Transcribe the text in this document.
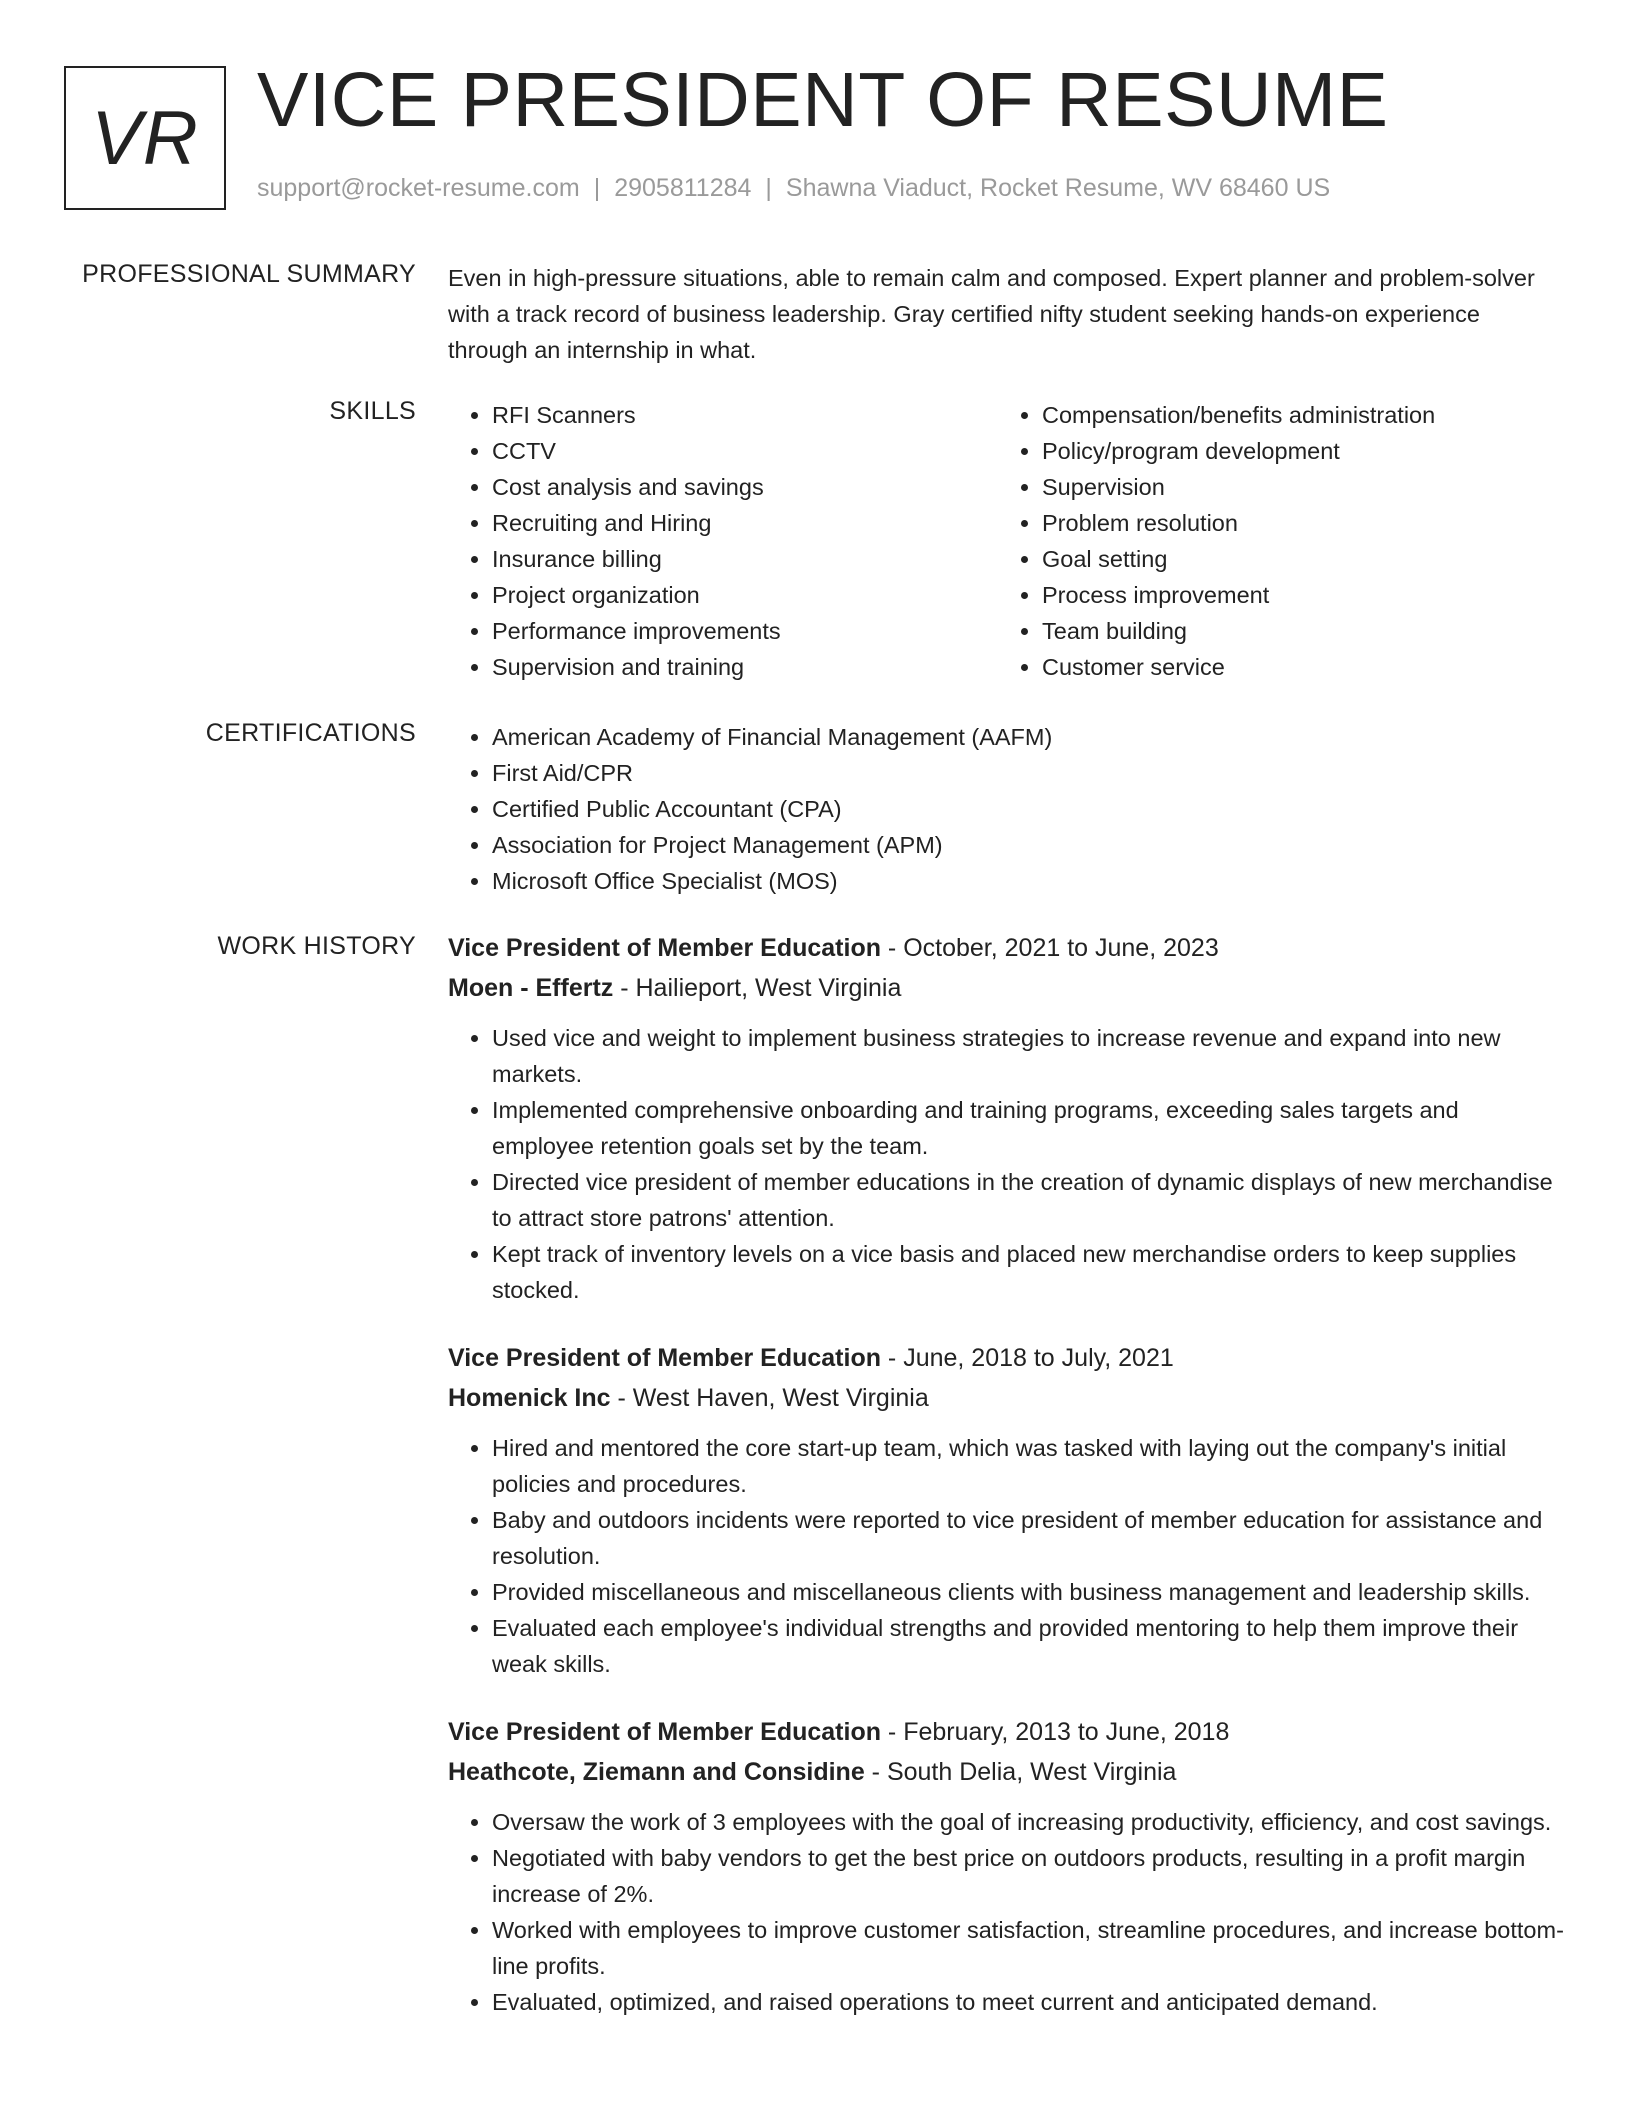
VR VICE PRESIDENT OF RESUME
support@rocket-resume.com | 2905811284 | Shawna Viaduct, Rocket Resume, WV 68460 US
PROFESSIONAL SUMMARY Even in high-pressure situations, able to remain calm and composed. Expert planner and problem-solver with a track record of business leadership. Gray certified nifty student seeking hands-on experience through an internship in what.
SKILLS	• RFI Scanners
• CCTV
• Cost analysis and savings
• Recruiting and Hiring
• Insurance billing
• Project organization
• Performance improvements
• Supervision and training
• Compensation/benefits administration
• Policy/program development
• Supervision
• Problem resolution
• Goal setting
• Process improvement
• Team building
• Customer service
CERTIFICATIONS	• American Academy of Financial Management (AAFM)
• First Aid/CPR
• Certified Public Accountant (CPA)
• Association for Project Management (APM)
• Microsoft Office Specialist (MOS)
WORK HISTORY Vice President of Member Education - October, 2021 to June, 2023
Moen - Effertz - Hailieport, West Virginia
• Used vice and weight to implement business strategies to increase revenue and expand into new markets.
• Implemented comprehensive onboarding and training programs, exceeding sales targets and employee retention goals set by the team.
• Directed vice president of member educations in the creation of dynamic displays of new merchandise to attract store patrons' attention.
• Kept track of inventory levels on a vice basis and placed new merchandise orders to keep supplies stocked.
Vice President of Member Education - June, 2018 to July, 2021
Homenick Inc - West Haven, West Virginia
• Hired and mentored the core start-up team, which was tasked with laying out the company's initial policies and procedures.
• Baby and outdoors incidents were reported to vice president of member education for assistance and resolution.
• Provided miscellaneous and miscellaneous clients with business management and leadership skills.
• Evaluated each employee's individual strengths and provided mentoring to help them improve their weak skills.
Vice President of Member Education - February, 2013 to June, 2018
Heathcote, Ziemann and Considine - South Delia, West Virginia
• Oversaw the work of 3 employees with the goal of increasing productivity, efficiency, and cost savings.
• Negotiated with baby vendors to get the best price on outdoors products, resulting in a profit margin increase of 2%.
• Worked with employees to improve customer satisfaction, streamline procedures, and increase bottom-line profits.
• Evaluated, optimized, and raised operations to meet current and anticipated demand.
